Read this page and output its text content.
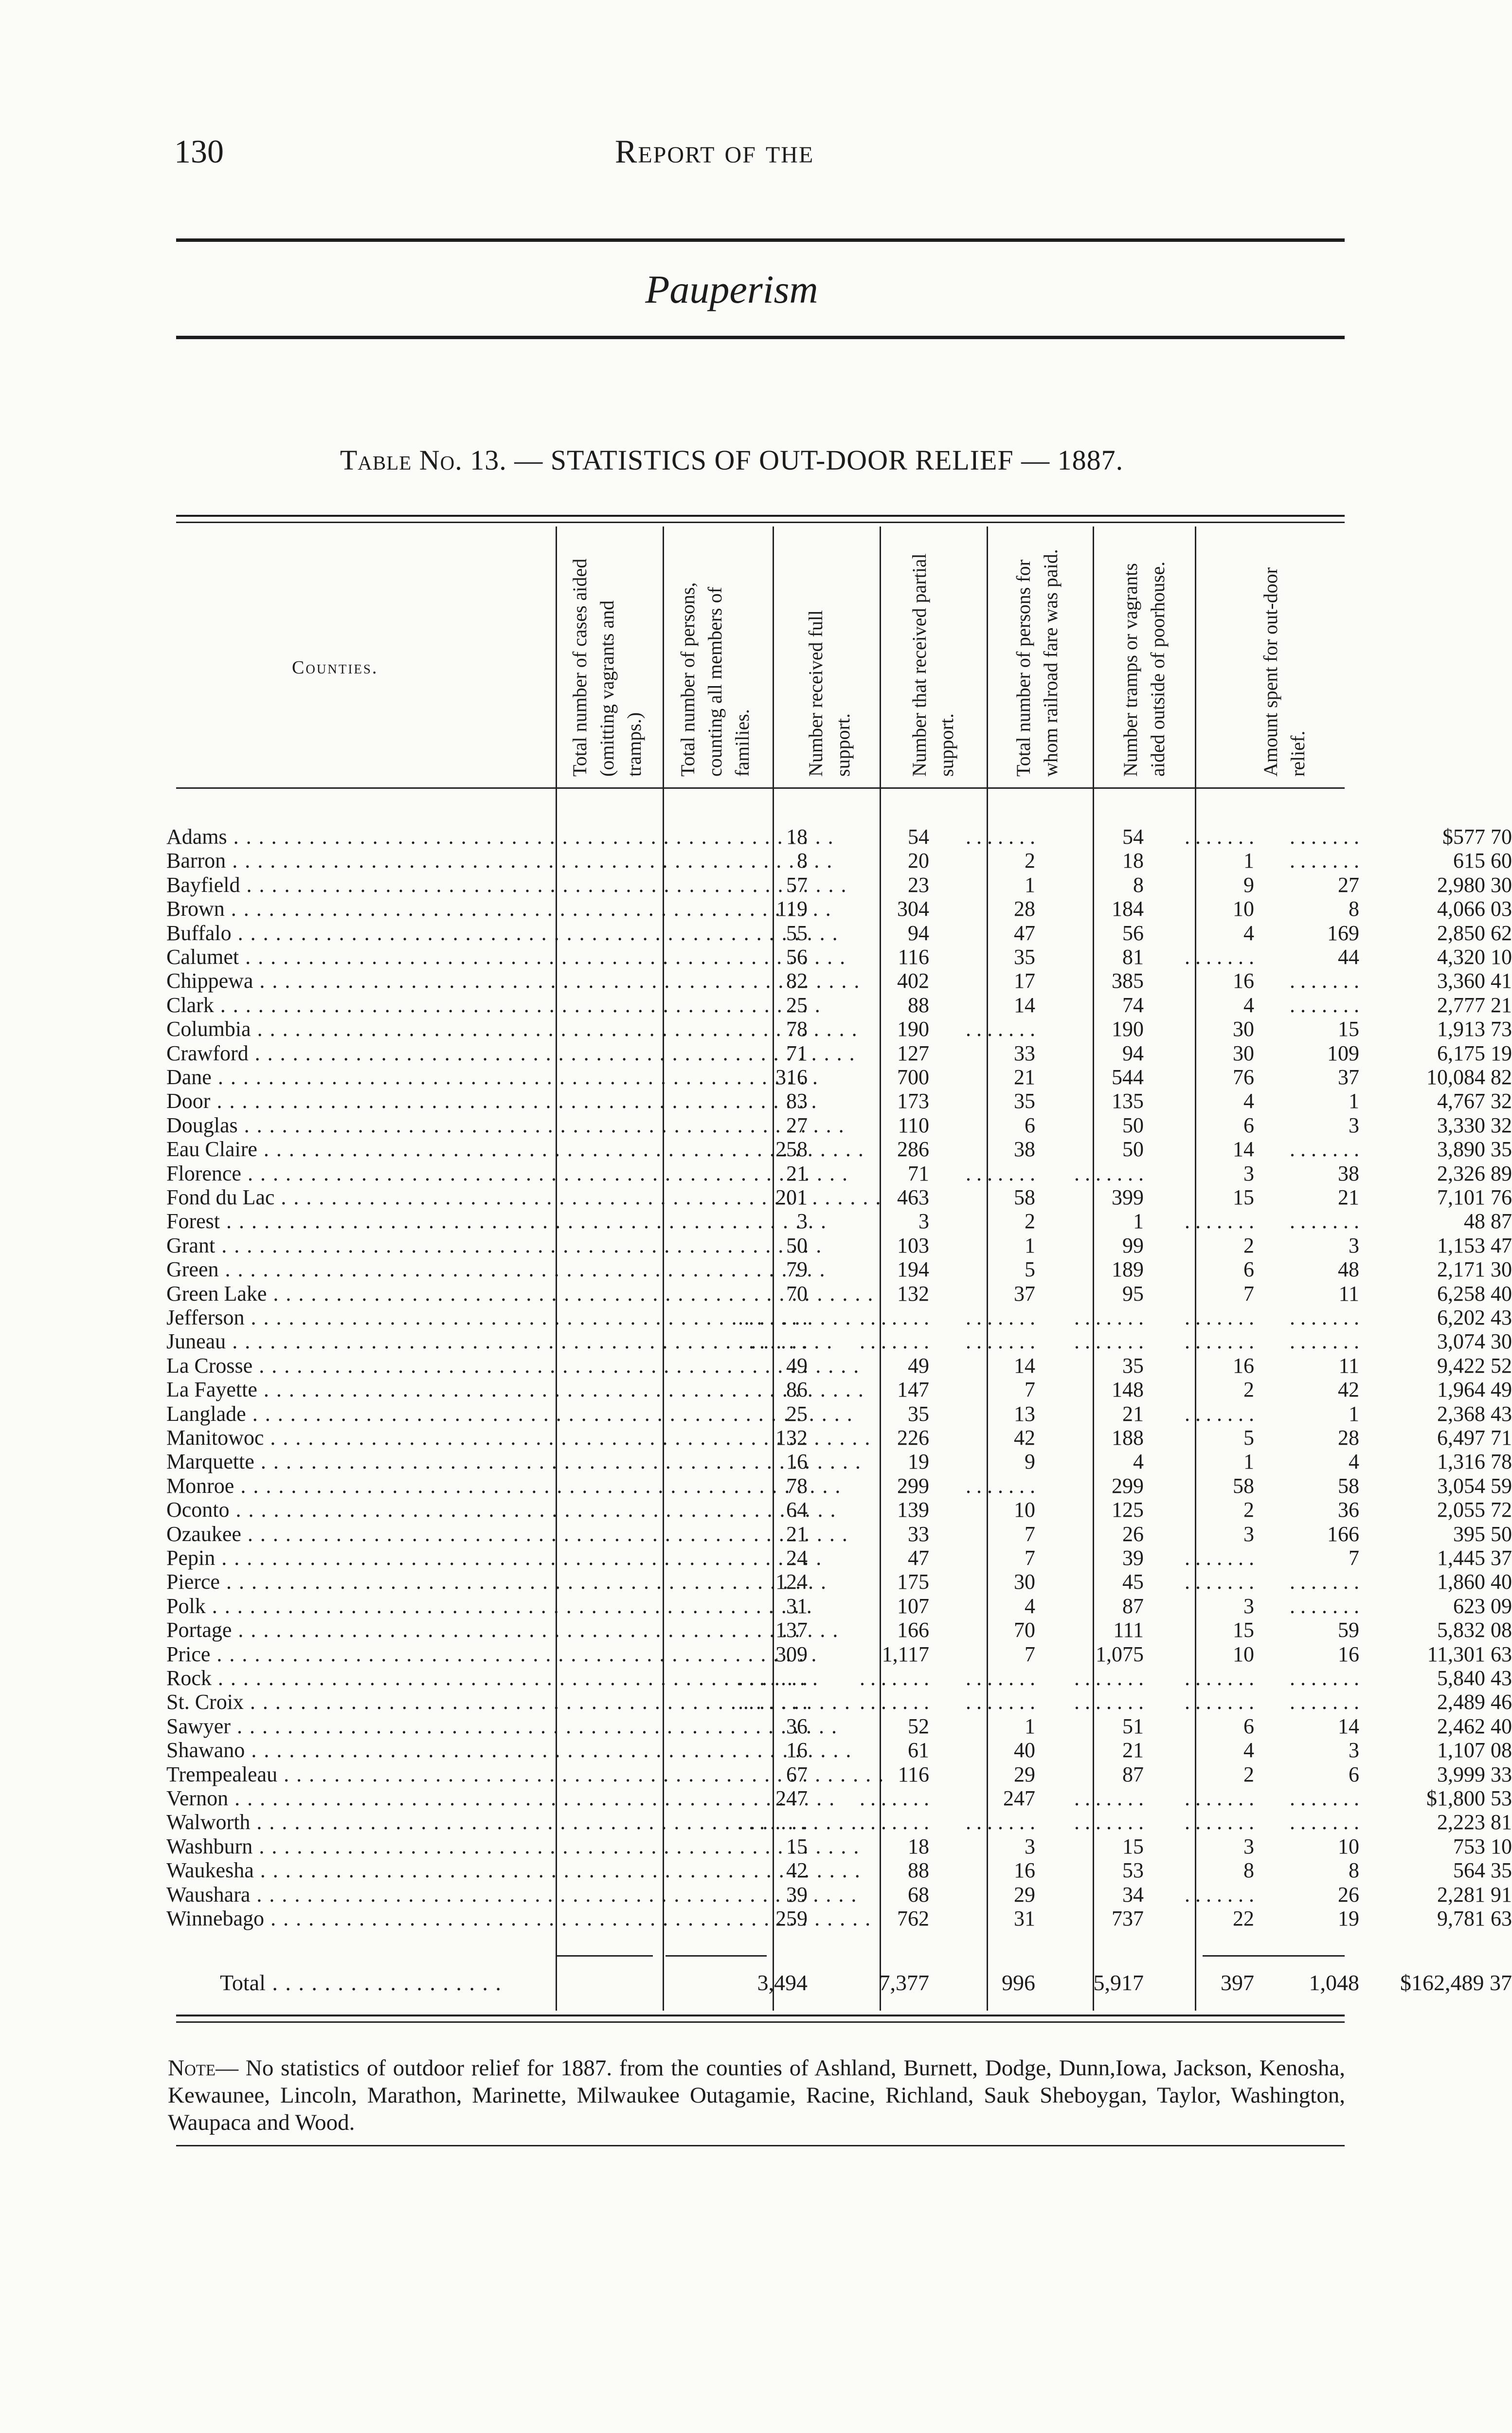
130	Report of the
Pauperism
Table No. 13. — STATISTICS OF OUT-DOOR RELIEF — 1887.
Counties.	Total number of cases aided (omitting vagrants and tramps.)	Total number of persons, counting all members of families.	Number received full support.	Number that received partial support.	Total number of persons for whom railroad fare was paid.	Number tramps or vagrants aided outside of poorhouse.	Amount spent for out-door relief.
Adams . . .	18	54	. . . . . . .	54	. . . . . . .	. . . . . . .	$577 70
Barron . . .	8	20	2	18	1	. . . . . . .	615 60
Bayfield . . .	57	23	1	8	9	27	2,980 30
Brown . . .	119	304	28	184	10	8	4,066 03
Buffalo . . .	55	94	47	56	4	169	2,850 62
Calumet . . .	56	116	35	81	. . . . . . .	44	4,320 10
Chippewa . . .	82	402	17	385	16	. . . . . . .	3,360 41
Clark . . .	25	88	14	74	4	. . . . . . .	2,777 21
Columbia . . .	78	190	. . . . . . .	190	30	15	1,913 73
Crawford . . .	71	127	33	94	30	109	6,175 19
Dane . . .	316	700	21	544	76	37	10,084 82
Door . . .	83	173	35	135	4	1	4,767 32
Douglas . . .	27	110	6	50	6	3	3,330 32
Eau Claire . . .	258	286	38	50	14	. . . . . . .	3,890 35
Florence . . .	21	71	. . . . . . .	. . . . . . .	3	38	2,326 89
Fond du Lac . . .	201	463	58	399	15	21	7,101 76
Forest . . .	3	3	2	1	. . . . . . .	. . . . . . .	48 87
Grant . . .	50	103	1	99	2	3	1,153 47
Green . . .	79	194	5	189	6	48	2,171 30
Green Lake . . .	70	132	37	95	7	11	6,258 40
Jefferson . . .	. . . . . . .	. . . . . . .	. . . . . . .	. . . . . . .	. . . . . . .	. . . . . . .	6,202 43
Juneau . . .	. . . . . . .	. . . . . . .	. . . . . . .	. . . . . . .	. . . . . . .	. . . . . . .	3,074 30
La Crosse . . .	49	49	14	35	16	11	9,422 52
La Fayette . . .	86	147	7	148	2	42	1,964 49
Langlade . . .	25	35	13	21	. . . . . . .	1	2,368 43
Manitowoc . . .	132	226	42	188	5	28	6,497 71
Marquette . . .	16	19	9	4	1	4	1,316 78
Monroe . . .	78	299	. . . . . . .	299	58	58	3,054 59
Oconto . . .	64	139	10	125	2	36	2,055 72
Ozaukee . . .	21	33	7	26	3	166	395 50
Pepin . . .	24	47	7	39	. . . . . . .	7	1,445 37
Pierce . . .	124	175	30	45	. . . . . . .	. . . . . . .	1,860 40
Polk . . .	31	107	4	87	3	. . . . . . .	623 09
Portage . . .	137	166	70	111	15	59	5,832 08
Price . . .	309	1,117	7	1,075	10	16	11,301 63
Rock . . .	. . . . . . .	. . . . . . .	. . . . . . .	. . . . . . .	. . . . . . .	. . . . . . .	5,840 43
St. Croix . . .	. . . . . . .	. . . . . . .	. . . . . . .	. . . . . . .	. . . . . . .	. . . . . . .	2,489 46
Sawyer . . .	36	52	1	51	6	14	2,462 40
Shawano . . .	16	61	40	21	4	3	1,107 08
Trempealeau . . .	67	116	29	87	2	6	3,999 33
Vernon . . .	247	. . . . . . .	247	. . . . . . .	. . . . . . .	. . . . . . .	$1,800 53
Walworth . . .	. . . . . . .	. . . . . . .	. . . . . . .	. . . . . . .	. . . . . . .	. . . . . . .	2,223 81
Washburn . . .	15	18	3	15	3	10	753 10
Waukesha . . .	42	88	16	53	8	8	564 35
Waushara . . .	39	68	29	34	. . . . . . .	26	2,281 91
Winnebago . . .	259	762	31	737	22	19	9,781 63
Total . . .	3,494	7,377	996	5,917	397	1,048	$162,489 37
Note— No statistics of outdoor relief for 1887. from the counties of Ashland, Burnett, Dodge, Dunn,Iowa, Jackson, Kenosha, Kewaunee, Lincoln, Marathon, Marinette, Milwaukee Outagamie, Racine, Richland, Sauk Sheboygan, Taylor, Washington, Waupaca and Wood.
